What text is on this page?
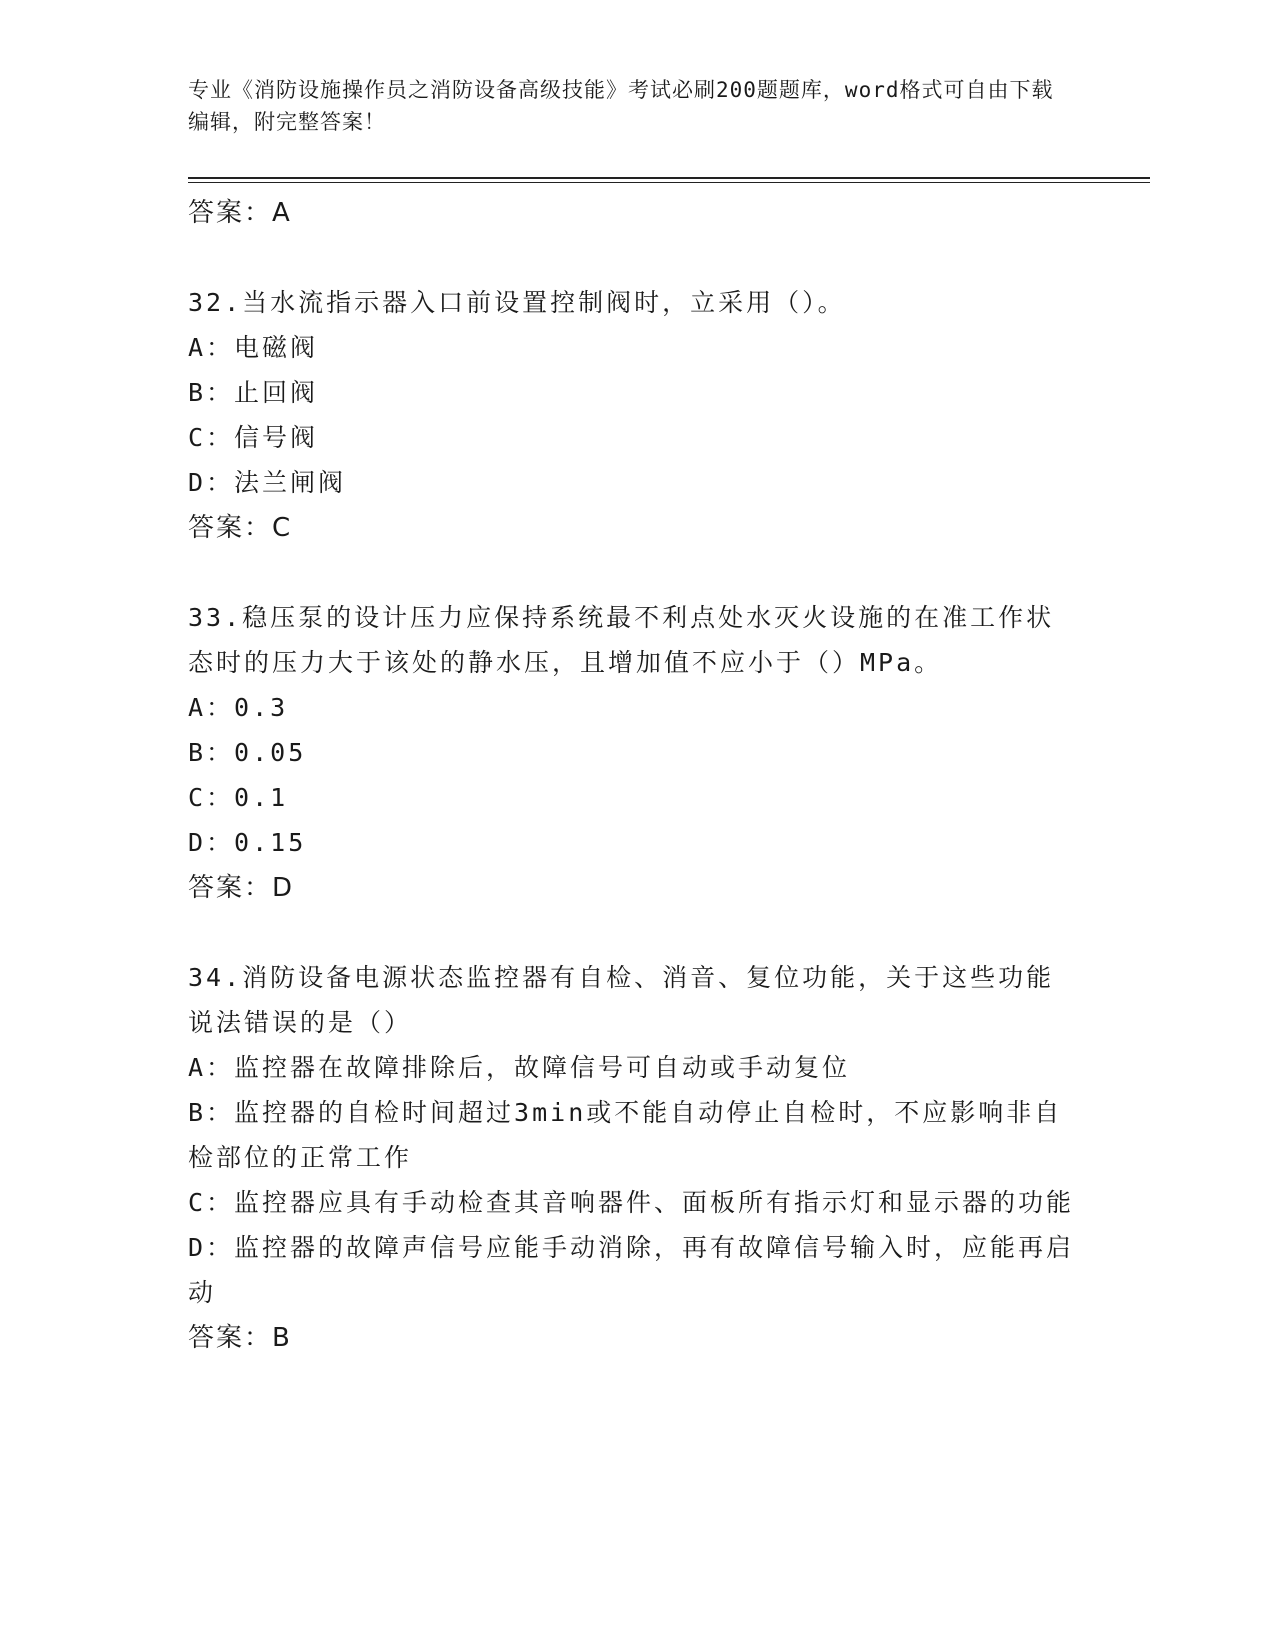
专业《消防设施操作员之消防设备高级技能》考试必刷200题题库，word格式可自由下载编辑，附完整答案！

答案：A

32.当水流指示器入口前设置控制阀时，立采用（）。

A：电磁阀

B：止回阀

C：信号阀

D：法兰闸阀

答案：C

33.稳压泵的设计压力应保持系统最不利点处水灭火设施的在准工作状态时的压力大于该处的静水压，且增加值不应小于（）MPa。

A：0.3

B：0.05

C：0.1

D：0.15

答案：D

34.消防设备电源状态监控器有自检、消音、复位功能，关于这些功能说法错误的是（）

A：监控器在故障排除后，故障信号可自动或手动复位

B：监控器的自检时间超过3min或不能自动停止自检时，不应影响非自检部位的正常工作

C：监控器应具有手动检查其音响器件、面板所有指示灯和显示器的功能

D：监控器的故障声信号应能手动消除，再有故障信号输入时，应能再启动

答案：B
